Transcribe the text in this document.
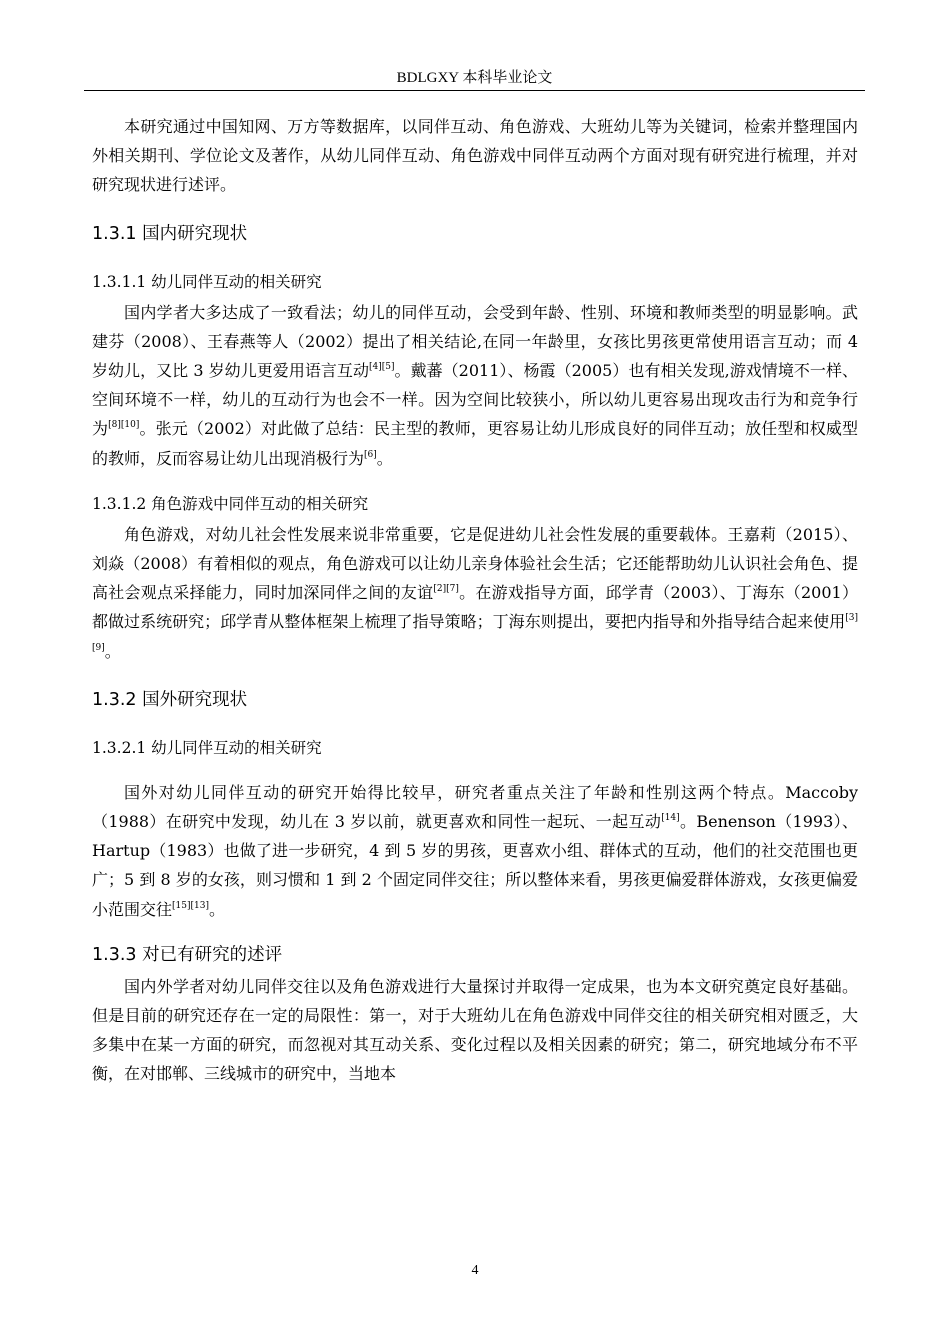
BDLGXY 本科毕业论文

本研究通过中国知网、万方等数据库，以同伴互动、角色游戏、大班幼儿等为关键词，检索并整理国内外相关期刊、学位论文及著作，从幼儿同伴互动、角色游戏中同伴互动两个方面对现有研究进行梳理，并对研究现状进行述评。

1.3.1 国内研究现状
1.3.1.1 幼儿同伴互动的相关研究

国内学者大多达成了一致看法；幼儿的同伴互动，会受到年龄、性别、环境和教师类型的明显影响。武建芬（2008）、王春燕等人（2002）提出了相关结论,在同一年龄里，女孩比男孩更常使用语言互动；而 4 岁幼儿，又比 3 岁幼儿更爱用语言互动[4][5]。戴蕃（2011）、杨霞（2005）也有相关发现,游戏情境不一样、空间环境不一样，幼儿的互动行为也会不一样。因为空间比较狭小，所以幼儿更容易出现攻击行为和竞争行为[8][10]。张元（2002）对此做了总结：民主型的教师，更容易让幼儿形成良好的同伴互动；放任型和权威型的教师，反而容易让幼儿出现消极行为[6]。

1.3.1.2 角色游戏中同伴互动的相关研究

角色游戏，对幼儿社会性发展来说非常重要，它是促进幼儿社会性发展的重要载体。王嘉莉（2015）、刘焱（2008）有着相似的观点，角色游戏可以让幼儿亲身体验社会生活；它还能帮助幼儿认识社会角色、提高社会观点采择能力，同时加深同伴之间的友谊[2][7]。在游戏指导方面，邱学青（2003）、丁海东（2001）都做过系统研究；邱学青从整体框架上梳理了指导策略；丁海东则提出，要把内指导和外指导结合起来使用[3][9]。

1.3.2 国外研究现状
1.3.2.1 幼儿同伴互动的相关研究

国外对幼儿同伴互动的研究开始得比较早，研究者重点关注了年龄和性别这两个特点。Maccoby（1988）在研究中发现，幼儿在 3 岁以前，就更喜欢和同性一起玩、一起互动[14]。Benenson（1993）、Hartup（1983）也做了进一步研究，4 到 5 岁的男孩，更喜欢小组、群体式的互动，他们的社交范围也更广；5 到 8 岁的女孩，则习惯和 1 到 2 个固定同伴交往；所以整体来看，男孩更偏爱群体游戏，女孩更偏爱小范围交往[15][13]。

1.3.3 对已有研究的述评

国内外学者对幼儿同伴交往以及角色游戏进行大量探讨并取得一定成果，也为本文研究奠定良好基础。但是目前的研究还存在一定的局限性：第一，对于大班幼儿在角色游戏中同伴交往的相关研究相对匮乏，大多集中在某一方面的研究，而忽视对其互动关系、变化过程以及相关因素的研究；第二，研究地域分布不平衡，在对邯郸、三线城市的研究中，当地本

4
